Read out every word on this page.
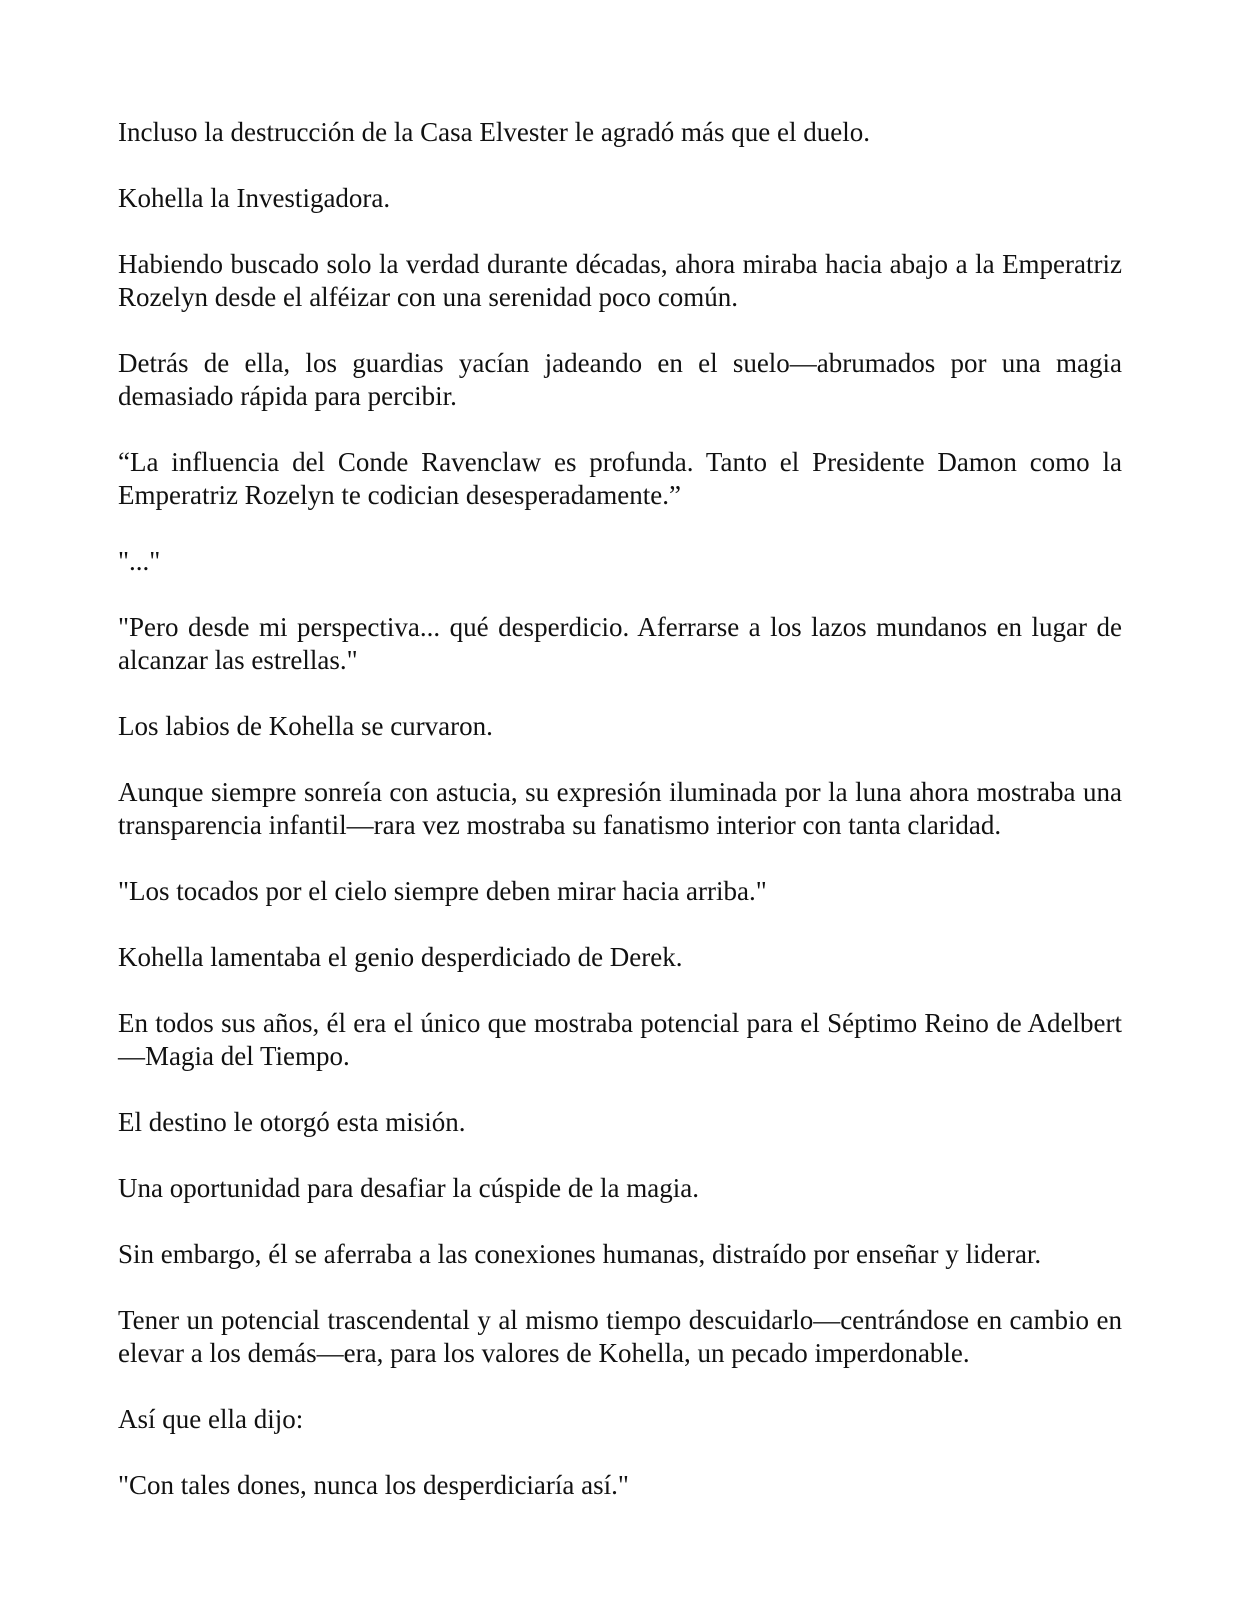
Incluso la destrucción de la Casa Elvester le agradó más que el duelo.

Kohella la Investigadora.

Habiendo buscado solo la verdad durante décadas, ahora miraba hacia abajo a la Emperatriz Rozelyn desde el alféizar con una serenidad poco común.

Detrás de ella, los guardias yacían jadeando en el suelo—abrumados por una magia demasiado rápida para percibir.

“La influencia del Conde Ravenclaw es profunda. Tanto el Presidente Damon como la Emperatriz Rozelyn te codician desesperadamente.”

"..."

"Pero desde mi perspectiva... qué desperdicio. Aferrarse a los lazos mundanos en lugar de alcanzar las estrellas."

Los labios de Kohella se curvaron.

Aunque siempre sonreía con astucia, su expresión iluminada por la luna ahora mostraba una transparencia infantil—rara vez mostraba su fanatismo interior con tanta claridad.

"Los tocados por el cielo siempre deben mirar hacia arriba."

Kohella lamentaba el genio desperdiciado de Derek.

En todos sus años, él era el único que mostraba potencial para el Séptimo Reino de Adelbert—Magia del Tiempo.

El destino le otorgó esta misión.

Una oportunidad para desafiar la cúspide de la magia.

Sin embargo, él se aferraba a las conexiones humanas, distraído por enseñar y liderar.

Tener un potencial trascendental y al mismo tiempo descuidarlo—centrándose en cambio en elevar a los demás—era, para los valores de Kohella, un pecado imperdonable.

Así que ella dijo:

"Con tales dones, nunca los desperdiciaría así."
